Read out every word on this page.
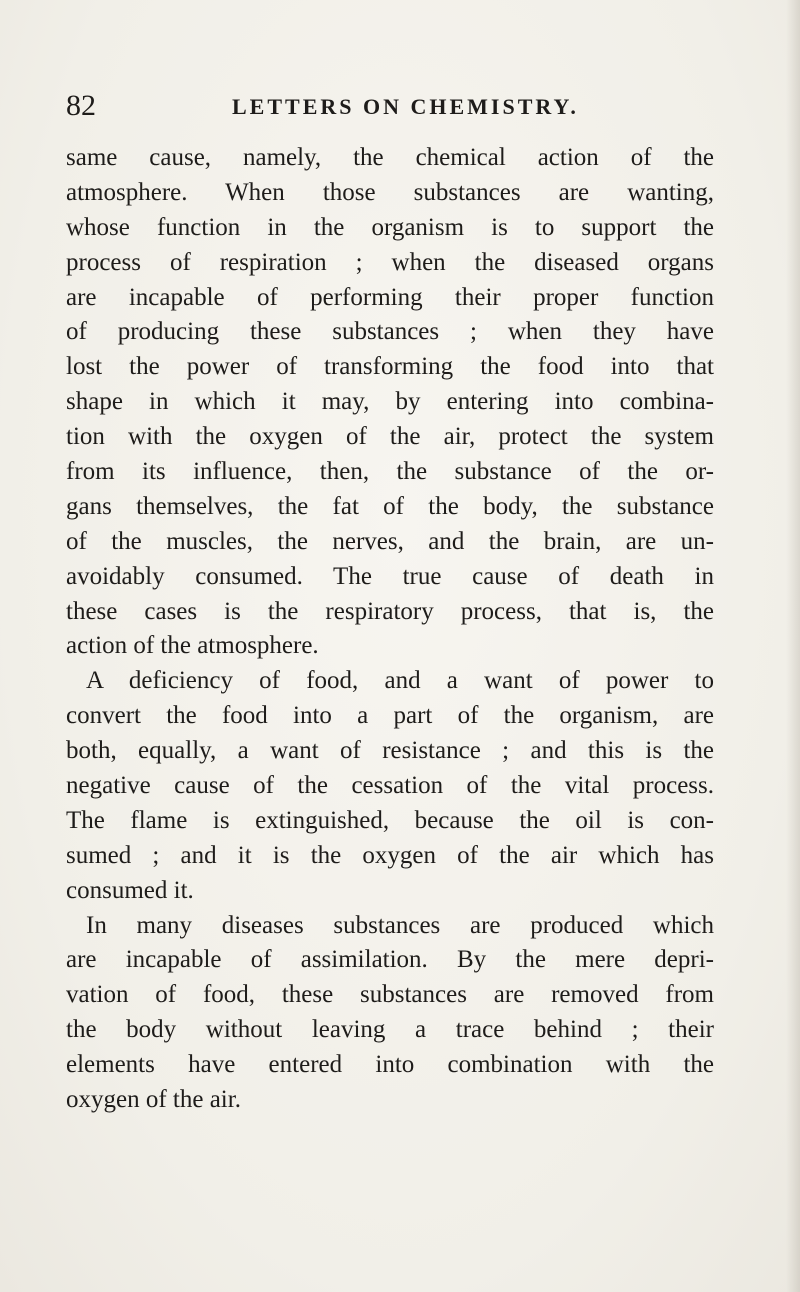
82	LETTERS ON CHEMISTRY.
same cause, namely, the chemical action of the
atmosphere. When those substances are wanting,
whose function in the organism is to support the
process of respiration ; when the diseased organs
are incapable of performing their proper function
of producing these substances ; when they have
lost the power of transforming the food into that
shape in which it may, by entering into combina-
tion with the oxygen of the air, protect the system
from its influence, then, the substance of the or-
gans themselves, the fat of the body, the substance
of the muscles, the nerves, and the brain, are un-
avoidably consumed. The true cause of death in
these cases is the respiratory process, that is, the
action of the atmosphere.
A deficiency of food, and a want of power to
convert the food into a part of the organism, are
both, equally, a want of resistance ; and this is the
negative cause of the cessation of the vital process.
The flame is extinguished, because the oil is con-
sumed ; and it is the oxygen of the air which has
consumed it.
In many diseases substances are produced which
are incapable of assimilation. By the mere depri-
vation of food, these substances are removed from
the body without leaving a trace behind ; their
elements have entered into combination with the
oxygen of the air.
